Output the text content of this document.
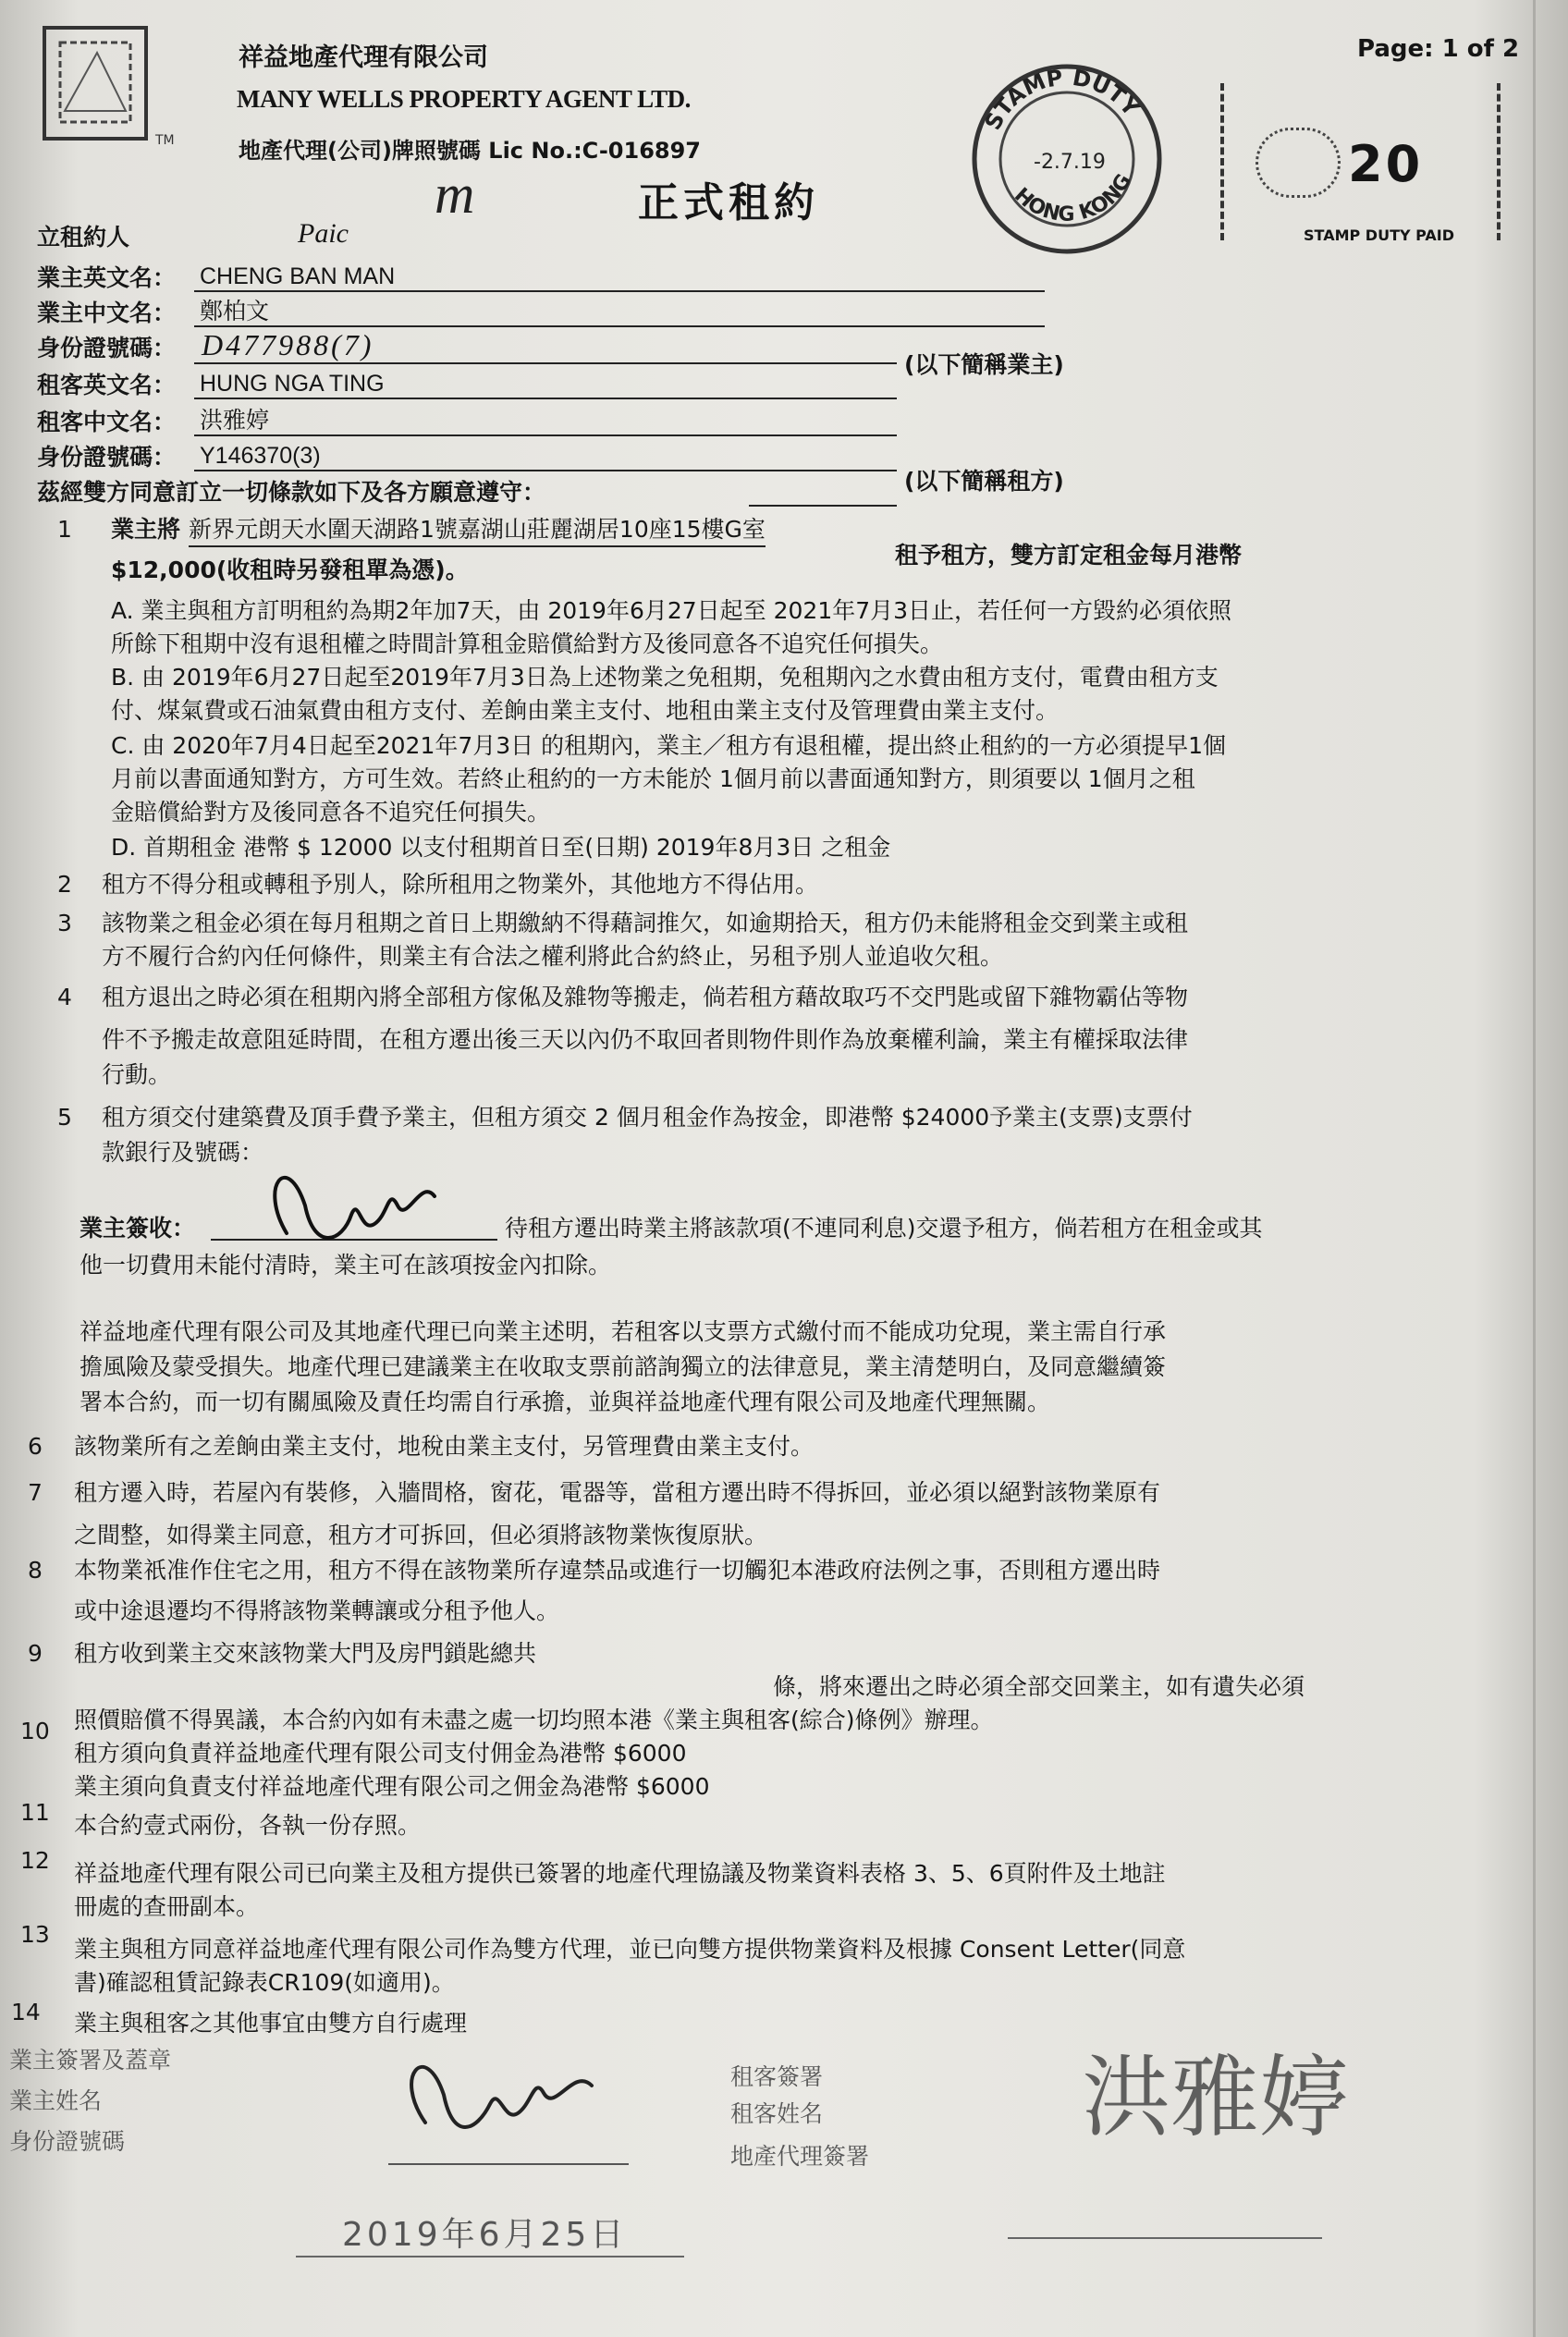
TM
祥益地產代理有限公司
MANY WELLS PROPERTY AGENT LTD.
地產代理(公司)牌照號碼 Lic No.:C-016897
m	正式租約
STAMP DUTY
HONG KONG
-2.7.19
Page: 1 of 2
20
STAMP DUTY PAID
立租約人	Paic
業主英文名： CHENG BAN MAN
業主中文名： 鄭柏文
身份證號碼： D477988(7)
(以下簡稱業主)
租客英文名： HUNG NGA TING
租客中文名： 洪雅婷
身份證號碼： Y146370(3)
(以下簡稱租方)
茲經雙方同意訂立一切條款如下及各方願意遵守：
1 業主將 新界元朗天水圍天湖路1號嘉湖山莊麗湖居10座15樓G室
租予租方，雙方訂定租金每月港幣
$12,000(收租時另發租單為憑)。
A. 業主與租方訂明租約為期2年加7天，由 2019年6月27日起至 2021年7月3日止，若任何一方毀約必須依照
所餘下租期中沒有退租權之時間計算租金賠償給對方及後同意各不追究任何損失。
B. 由 2019年6月27日起至2019年7月3日為上述物業之免租期，免租期內之水費由租方支付，電費由租方支
付、煤氣費或石油氣費由租方支付、差餉由業主支付、地租由業主支付及管理費由業主支付。
C. 由 2020年7月4日起至2021年7月3日 的租期內，業主／租方有退租權，提出終止租約的一方必須提早1個
月前以書面通知對方，方可生效。若終止租約的一方未能於 1個月前以書面通知對方，則須要以 1個月之租
金賠償給對方及後同意各不追究任何損失。
D. 首期租金 港幣 $ 12000 以支付租期首日至(日期) 2019年8月3日 之租金
2 租方不得分租或轉租予別人，除所租用之物業外，其他地方不得佔用。
3 該物業之租金必須在每月租期之首日上期繳納不得藉詞推欠，如逾期拾天，租方仍未能將租金交到業主或租
方不履行合約內任何條件，則業主有合法之權利將此合約終止，另租予別人並追收欠租。
4 租方退出之時必須在租期內將全部租方傢俬及雜物等搬走，倘若租方藉故取巧不交門匙或留下雜物霸佔等物
件不予搬走故意阻延時間，在租方遷出後三天以內仍不取回者則物件則作為放棄權利論，業主有權採取法律
行動。
5 租方須交付建築費及頂手費予業主，但租方須交 2 個月租金作為按金，即港幣 $24000予業主(支票)支票付
款銀行及號碼：
業主簽收：	待租方遷出時業主將該款項(不連同利息)交還予租方，倘若租方在租金或其
他一切費用未能付清時，業主可在該項按金內扣除。
祥益地產代理有限公司及其地產代理已向業主述明，若租客以支票方式繳付而不能成功兌現，業主需自行承
擔風險及蒙受損失。地產代理已建議業主在收取支票前諮詢獨立的法律意見，業主清楚明白，及同意繼續簽
署本合約，而一切有關風險及責任均需自行承擔，並與祥益地產代理有限公司及地產代理無關。
6 該物業所有之差餉由業主支付，地稅由業主支付，另管理費由業主支付。
7 租方遷入時，若屋內有裝修，入牆間格，窗花，電器等，當租方遷出時不得拆回，並必須以絕對該物業原有
之間整，如得業主同意，租方才可拆回，但必須將該物業恢復原狀。
8 本物業祇准作住宅之用，租方不得在該物業所存違禁品或進行一切觸犯本港政府法例之事，否則租方遷出時
或中途退遷均不得將該物業轉讓或分租予他人。
9 租方收到業主交來該物業大門及房門鎖匙總共
條，將來遷出之時必須全部交回業主，如有遺失必須
照價賠償不得異議，本合約內如有未盡之處一切均照本港《業主與租客(綜合)條例》辦理。
10
租方須向負責祥益地產代理有限公司支付佣金為港幣 $6000
業主須向負責支付祥益地產代理有限公司之佣金為港幣 $6000
11 本合約壹式兩份，各執一份存照。
12 祥益地產代理有限公司已向業主及租方提供已簽署的地產代理協議及物業資料表格 3、5、6頁附件及土地註
冊處的查冊副本。
13
業主與租方同意祥益地產代理有限公司作為雙方代理，並已向雙方提供物業資料及根據 Consent Letter(同意
書)確認租賃記錄表CR109(如適用)。
14 業主與租客之其他事宜由雙方自行處理
業主簽署及蓋章
業主姓名
身份證號碼
租客簽署
租客姓名
地產代理簽署
洪雅婷
2019年6月25日
